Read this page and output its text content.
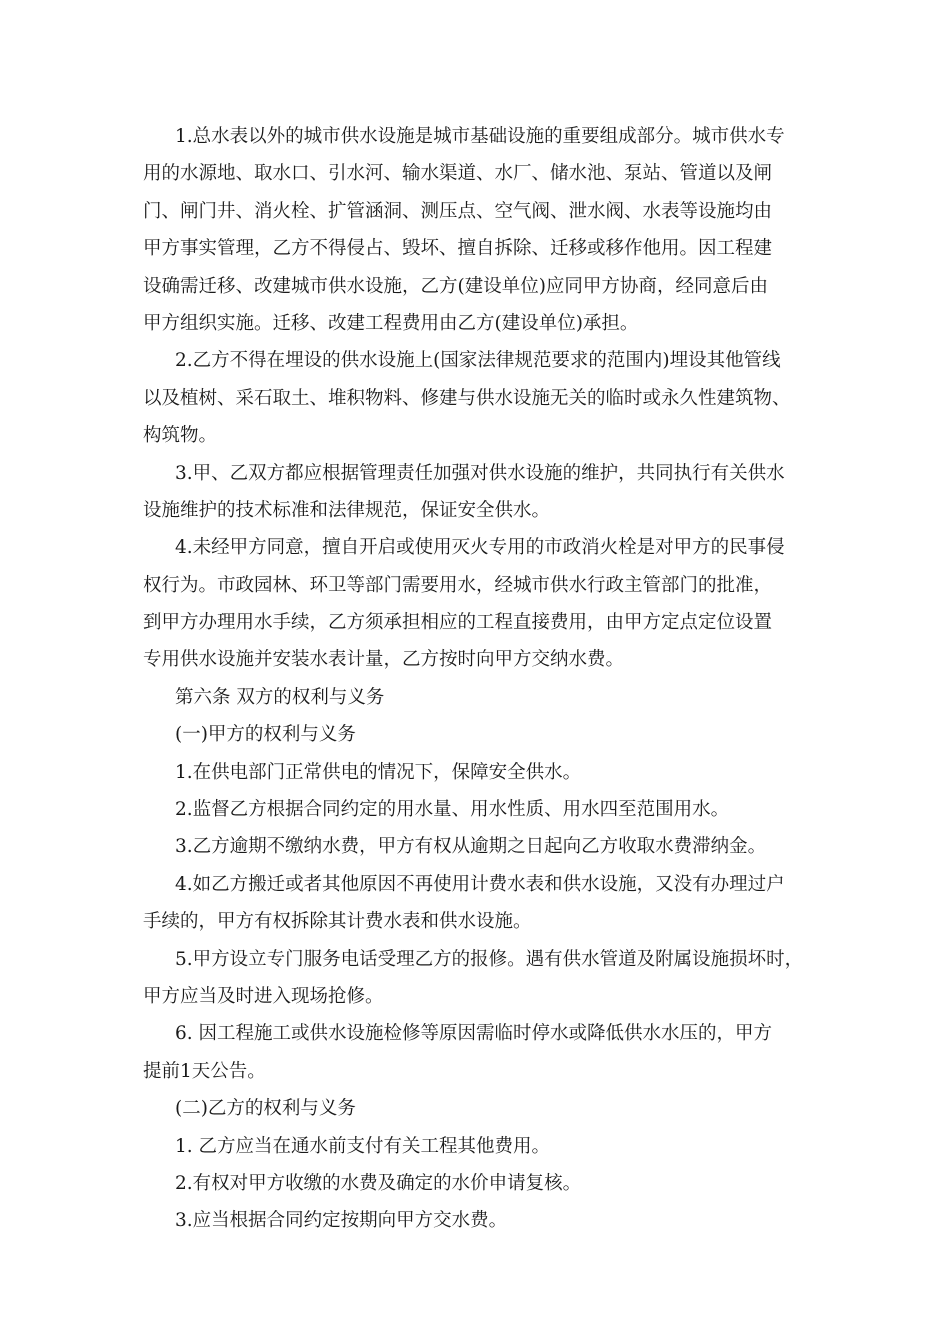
1.总水表以外的城市供水设施是城市基础设施的重要组成部分。城市供水专
用的水源地、取水口、引水河、输水渠道、水厂、储水池、泵站、管道以及闸
门、闸门井、消火栓、扩管涵洞、测压点、空气阀、泄水阀、水表等设施均由
甲方事实管理，乙方不得侵占、毁坏、擅自拆除、迁移或移作他用。因工程建
设确需迁移、改建城市供水设施，乙方(建设单位)应同甲方协商，经同意后由
甲方组织实施。迁移、改建工程费用由乙方(建设单位)承担。
2.乙方不得在埋设的供水设施上(国家法律规范要求的范围内)埋设其他管线
以及植树、采石取土、堆积物料、修建与供水设施无关的临时或永久性建筑物、
构筑物。
3.甲、乙双方都应根据管理责任加强对供水设施的维护，共同执行有关供水
设施维护的技术标准和法律规范，保证安全供水。
4.未经甲方同意，擅自开启或使用灭火专用的市政消火栓是对甲方的民事侵
权行为。市政园林、环卫等部门需要用水，经城市供水行政主管部门的批准，
到甲方办理用水手续，乙方须承担相应的工程直接费用，由甲方定点定位设置
专用供水设施并安装水表计量，乙方按时向甲方交纳水费。
第六条 双方的权利与义务
(一)甲方的权利与义务
1.在供电部门正常供电的情况下，保障安全供水。
2.监督乙方根据合同约定的用水量、用水性质、用水四至范围用水。
3.乙方逾期不缴纳水费，甲方有权从逾期之日起向乙方收取水费滞纳金。
4.如乙方搬迁或者其他原因不再使用计费水表和供水设施，又没有办理过户
手续的，甲方有权拆除其计费水表和供水设施。
5.甲方设立专门服务电话受理乙方的报修。遇有供水管道及附属设施损坏时，
甲方应当及时进入现场抢修。
6. 因工程施工或供水设施检修等原因需临时停水或降低供水水压的，甲方
提前1天公告。
(二)乙方的权利与义务
1. 乙方应当在通水前支付有关工程其他费用。
2.有权对甲方收缴的水费及确定的水价申请复核。
3.应当根据合同约定按期向甲方交水费。
